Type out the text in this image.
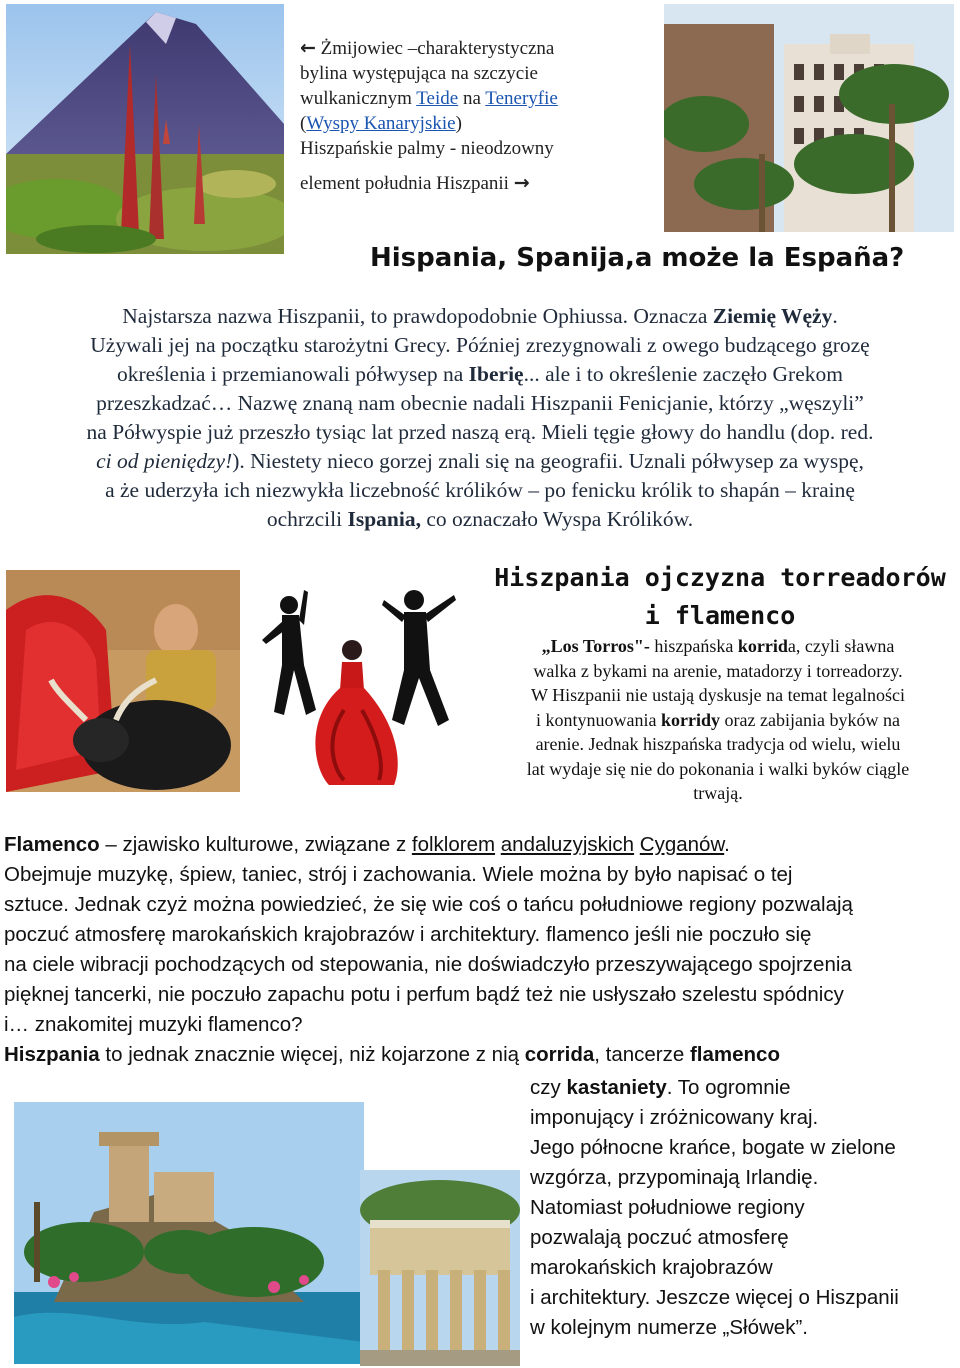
← Żmijowiec –charakterystyczna
bylina występująca na szczycie
wulkanicznym Teide na Teneryfie
(Wyspy Kanaryjskie)
Hiszpańskie palmy - nieodzowny
element południa Hiszpanii →
Hispania, Spanija,a może la España?
Najstarsza nazwa Hiszpanii, to prawdopodobnie Ophiussa. Oznacza Ziemię Węży.
Używali jej na początku starożytni Grecy. Później zrezygnowali z owego budzącego grozę
określenia i przemianowali półwysep na Iberię... ale i to określenie zaczęło Grekom
przeszkadzać… Nazwę znaną nam obecnie nadali Hiszpanii Fenicjanie, którzy „węszyli”
na Półwyspie już przeszło tysiąc lat przed naszą erą. Mieli tęgie głowy do handlu (dop. red.
ci od pieniędzy!). Niestety nieco gorzej znali się na geografii. Uznali półwysep za wyspę,
a że uderzyła ich niezwykła liczebność królików – po fenicku królik to shapán – krainę
ochrzcili Ispania, co oznaczało Wyspa Królików.
Hiszpania ojczyzna torreadorów
i flamenco
„Los Torros"- hiszpańska korrida, czyli sławna
walka z bykami na arenie, matadorzy i torreadorzy.
W Hiszpanii nie ustają dyskusje na temat legalności
i kontynuowania korridy oraz zabijania byków na
arenie. Jednak hiszpańska tradycja od wielu, wielu
lat wydaje się nie do pokonania i walki byków ciągle
trwają.
Flamenco – zjawisko kulturowe, związane z folklorem andaluzyjskich Cyganów.
Obejmuje muzykę, śpiew, taniec, strój i zachowania. Wiele można by było napisać o tej
sztuce. Jednak czyż można powiedzieć, że się wie coś o tańcu południowe regiony pozwalają
poczuć atmosferę marokańskich krajobrazów i architektury. flamenco jeśli nie poczuło się
na ciele wibracji pochodzących od stepowania, nie doświadczyło przeszywającego spojrzenia
pięknej tancerki, nie poczuło zapachu potu i perfum bądź też nie usłyszało szelestu spódnicy
i… znakomitej muzyki flamenco?
Hiszpania to jednak znacznie więcej, niż kojarzone z nią corrida, tancerze flamenco
czy kastaniety. To ogromnie
imponujący i zróżnicowany kraj.
Jego północne krańce, bogate w zielone
wzgórza, przypominają Irlandię.
Natomiast południowe regiony
pozwalają poczuć atmosferę
marokańskich krajobrazów
i architektury. Jeszcze więcej o Hiszpanii
w kolejnym numerze „Słówek”.
